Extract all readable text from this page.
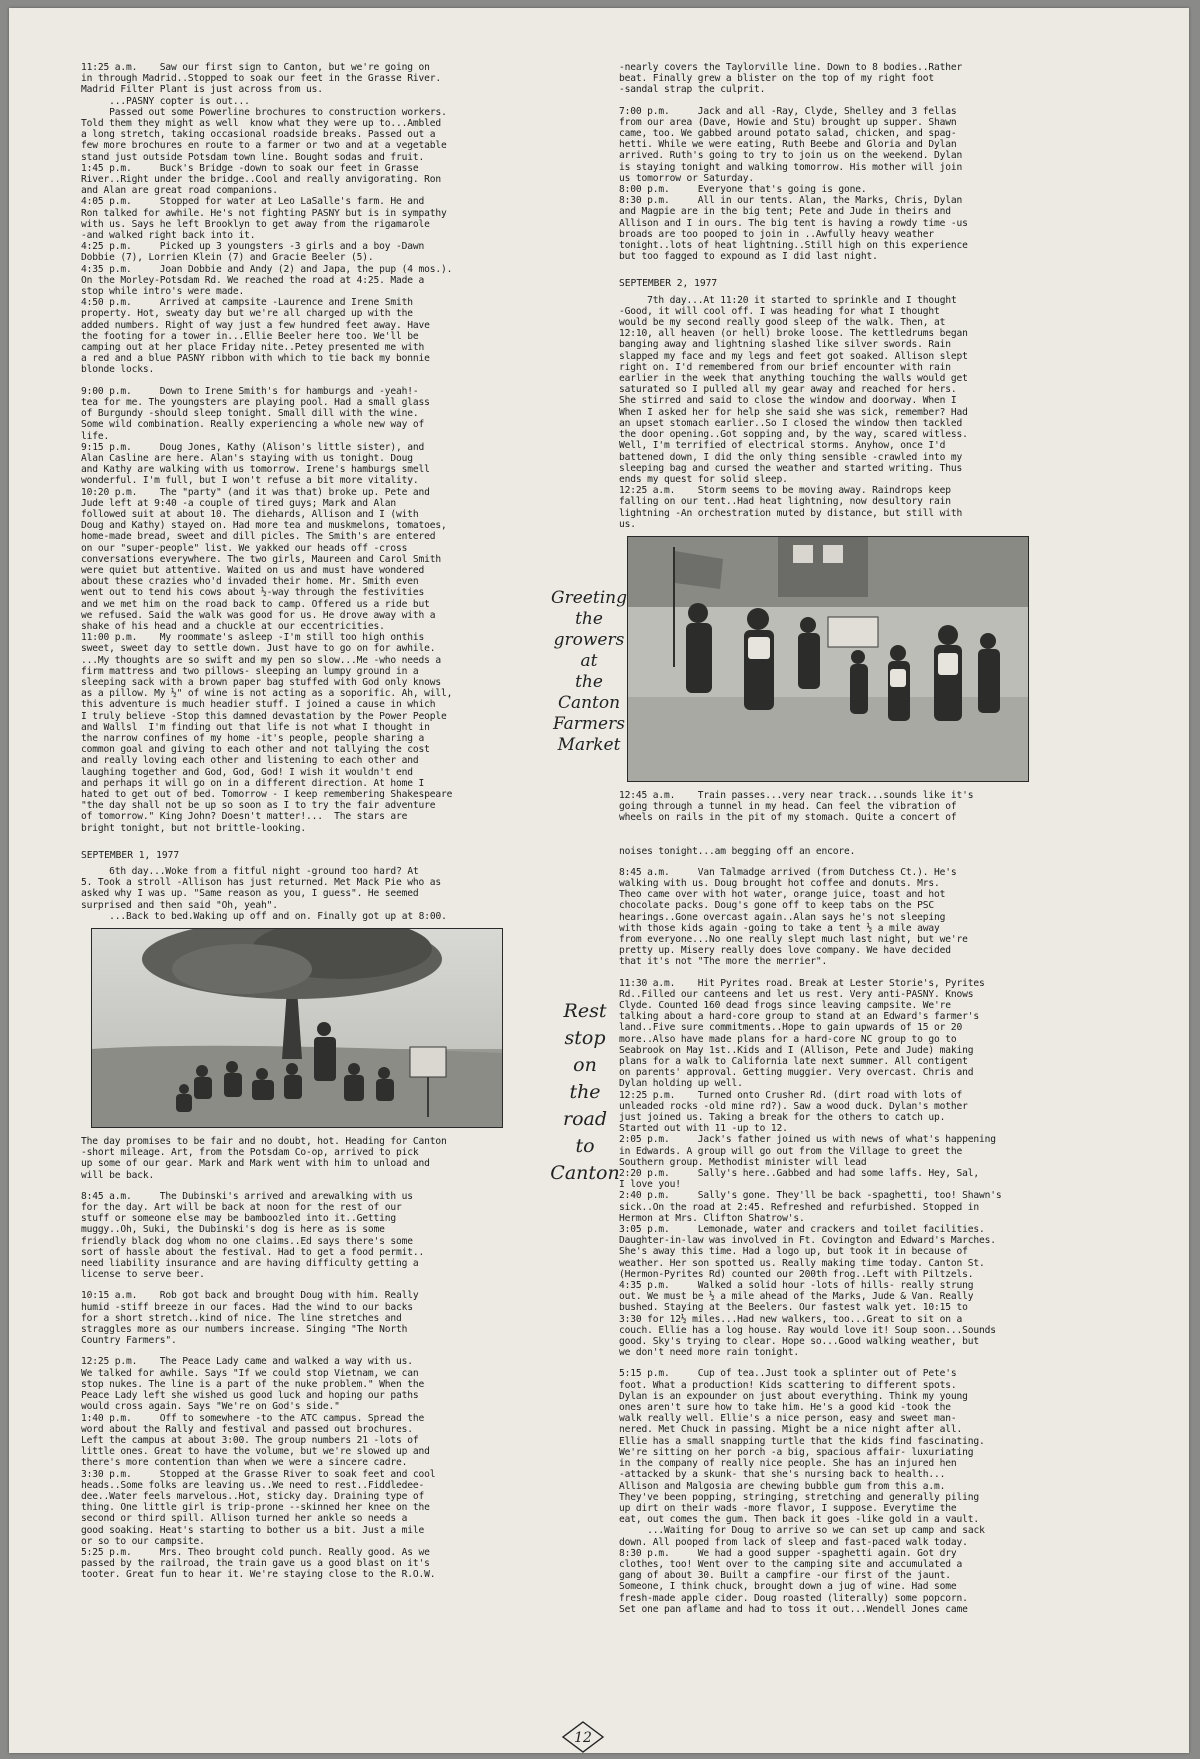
11:25 a.m.    Saw our first sign to Canton, but we're going on
in through Madrid..Stopped to soak our feet in the Grasse River.
Madrid Filter Plant is just across from us.
...PASNY copter is out...
Passed out some Powerline brochures to construction workers.
Told them they might as well  know what they were up to...Ambled
a long stretch, taking occasional roadside breaks. Passed out a
few more brochures en route to a farmer or two and at a vegetable
stand just outside Potsdam town line. Bought sodas and fruit.
1:45 p.m.     Buck's Bridge -down to soak our feet in Grasse
River..Right under the bridge..Cool and really anvigorating. Ron
and Alan are great road companions.
4:05 p.m.     Stopped for water at Leo LaSalle's farm. He and
Ron talked for awhile. He's not fighting PASNY but is in sympathy
with us. Says he left Brooklyn to get away from the rigamarole
-and walked right back into it.
4:25 p.m.     Picked up 3 youngsters -3 girls and a boy -Dawn
Dobbie (7), Lorrien Klein (7) and Gracie Beeler (5).
4:35 p.m.     Joan Dobbie and Andy (2) and Japa, the pup (4 mos.).
On the Morley-Potsdam Rd. We reached the road at 4:25. Made a
stop while intro's were made.
4:50 p.m.     Arrived at campsite -Laurence and Irene Smith
property. Hot, sweaty day but we're all charged up with the
added numbers. Right of way just a few hundred feet away. Have
the footing for a tower in...Ellie Beeler here too. We'll be
camping out at her place Friday nite..Petey presented me with
a red and a blue PASNY ribbon with which to tie back my bonnie
blonde locks.

9:00 p.m.     Down to Irene Smith's for hamburgs and -yeah!-
tea for me. The youngsters are playing pool. Had a small glass
of Burgundy -should sleep tonight. Small dill with the wine.
Some wild combination. Really experiencing a whole new way of
life.
9:15 p.m.     Doug Jones, Kathy (Alison's little sister), and
Alan Casline are here. Alan's staying with us tonight. Doug
and Kathy are walking with us tomorrow. Irene's hamburgs smell
wonderful. I'm full, but I won't refuse a bit more vitality.
10:20 p.m.    The "party" (and it was that) broke up. Pete and
Jude left at 9:40 -a couple of tired guys; Mark and Alan
followed suit at about 10. The diehards, Allison and I (with
Doug and Kathy) stayed on. Had more tea and muskmelons, tomatoes,
home-made bread, sweet and dill picles. The Smith's are entered
on our "super-people" list. We yakked our heads off -cross
conversations everywhere. The two girls, Maureen and Carol Smith
were quiet but attentive. Waited on us and must have wondered
about these crazies who'd invaded their home. Mr. Smith even
went out to tend his cows about ½-way through the festivities
and we met him on the road back to camp. Offered us a ride but
we refused. Said the walk was good for us. He drove away with a
shake of his head and a chuckle at our eccentricities.
11:00 p.m.    My roommate's asleep -I'm still too high onthis
sweet, sweet day to settle down. Just have to go on for awhile.
...My thoughts are so swift and my pen so slow...Me -who needs a
firm mattress and two pillows- sleeping an lumpy ground in a
sleeping sack with a brown paper bag stuffed with God only knows
as a pillow. My ½" of wine is not acting as a soporific. Ah, will,
this adventure is much headier stuff. I joined a cause in which
I truly believe -Stop this damned devastation by the Power People
and Wallsl  I'm finding out that life is not what I thought in
the narrow confines of my home -it's people, people sharing a
common goal and giving to each other and not tallying the cost
and really loving each other and listening to each other and
laughing together and God, God, God! I wish it wouldn't end
and perhaps it will go on in a different direction. At home I
hated to get out of bed. Tomorrow - I keep remembering Shakespeare
"the day shall not be up so soon as I to try the fair adventure
of tomorrow." King John? Doesn't matter!...  The stars are
bright tonight, but not brittle-looking.

SEPTEMBER 1, 1977

6th day...Woke from a fitful night -ground too hard? At
5. Took a stroll -Allison has just returned. Met Mack Pie who as
asked why I was up. "Same reason as you, I guess". He seemed
surprised and then said "Oh, yeah".
...Back to bed.Waking up off and on. Finally got up at 8:00.

The day promises to be fair and no doubt, hot. Heading for Canton
-short mileage. Art, from the Potsdam Co-op, arrived to pick
up some of our gear. Mark and Mark went with him to unload and
will be back.

8:45 a.m.     The Dubinski's arrived and arewalking with us
for the day. Art will be back at noon for the rest of our
stuff or someone else may be bamboozled into it..Getting
muggy..Oh, Suki, the Dubinski's dog is here as is some
friendly black dog whom no one claims..Ed says there's some
sort of hassle about the festival. Had to get a food permit..
need liability insurance and are having difficulty getting a
license to serve beer.

10:15 a.m.    Rob got back and brought Doug with him. Really
humid -stiff breeze in our faces. Had the wind to our backs
for a short stretch..kind of nice. The line stretches and
straggles more as our numbers increase. Singing "The North
Country Farmers".

12:25 p.m.    The Peace Lady came and walked a way with us.
We talked for awhile. Says "If we could stop Vietnam, we can
stop nukes. The line is a part of the nuke problem." When the
Peace Lady left she wished us good luck and hoping our paths
would cross again. Says "We're on God's side."
1:40 p.m.     Off to somewhere -to the ATC campus. Spread the
word about the Rally and festival and passed out brochures.
Left the campus at about 3:00. The group numbers 21 -lots of
little ones. Great to have the volume, but we're slowed up and
there's more contention than when we were a sincere cadre.
3:30 p.m.     Stopped at the Grasse River to soak feet and cool
heads..Some folks are leaving us..We need to rest..Fiddledee-
dee..Water feels marvelous..Hot, sticky day. Draining type of
thing. One little girl is trip-prone --skinned her knee on the
second or third spill. Allison turned her ankle so needs a
good soaking. Heat's starting to bother us a bit. Just a mile
or so to our campsite.
5:25 p.m.     Mrs. Theo brought cold punch. Really good. As we
passed by the railroad, the train gave us a good blast on it's
tooter. Great fun to hear it. We're staying close to the R.O.W.

-nearly covers the Taylorville line. Down to 8 bodies..Rather
beat. Finally grew a blister on the top of my right foot
-sandal strap the culprit.

7:00 p.m.     Jack and all -Ray, Clyde, Shelley and 3 fellas
from our area (Dave, Howie and Stu) brought up supper. Shawn
came, too. We gabbed around potato salad, chicken, and spag-
hetti. While we were eating, Ruth Beebe and Gloria and Dylan
arrived. Ruth's going to try to join us on the weekend. Dylan
is staying tonight and walking tomorrow. His mother will join
us tomorrow or Saturday.
8:00 p.m.     Everyone that's going is gone.
8:30 p.m.     All in our tents. Alan, the Marks, Chris, Dylan
and Magpie are in the big tent; Pete and Jude in theirs and
Allison and I in ours. The big tent is having a rowdy time -us
broads are too pooped to join in ..Awfully heavy weather
tonight..lots of heat lightning..Still high on this experience
but too fagged to expound as I did last night.

SEPTEMBER 2, 1977

7th day...At 11:20 it started to sprinkle and I thought
-Good, it will cool off. I was heading for what I thought
would be my second really good sleep of the walk. Then, at
12:10, all heaven (or hell) broke loose. The kettledrums began
banging away and lightning slashed like silver swords. Rain
slapped my face and my legs and feet got soaked. Allison slept
right on. I'd remembered from our brief encounter with rain
earlier in the week that anything touching the walls would get
saturated so I pulled all my gear away and reached for hers.
She stirred and said to close the window and doorway. When I
When I asked her for help she said she was sick, remember? Had
an upset stomach earlier..So I closed the window then tackled
the door opening..Got sopping and, by the way, scared witless.
Well, I'm terrified of electrical storms. Anyhow, once I'd
battened down, I did the only thing sensible -crawled into my
sleeping bag and cursed the weather and started writing. Thus
ends my quest for solid sleep.
12:25 a.m.    Storm seems to be moving away. Raindrops keep
falling on our tent..Had heat lightning, now desultory rain
lightning -An orchestration muted by distance, but still with
us.

12:45 a.m.    Train passes...very near track...sounds like it's
going through a tunnel in my head. Can feel the vibration of
wheels on rails in the pit of my stomach. Quite a concert of

noises tonight...am begging off an encore.

8:45 a.m.     Van Talmadge arrived (from Dutchess Ct.). He's
walking with us. Doug brought hot coffee and donuts. Mrs.
Theo came over with hot water, orange juice, toast and hot
chocolate packs. Doug's gone off to keep tabs on the PSC
hearings..Gone overcast again..Alan says he's not sleeping
with those kids again -going to take a tent ½ a mile away
from everyone...No one really slept much last night, but we're
pretty up. Misery really does love company. We have decided
that it's not "The more the merrier".

11:30 a.m.    Hit Pyrites road. Break at Lester Storie's, Pyrites
Rd..Filled our canteens and let us rest. Very anti-PASNY. Knows
Clyde. Counted 160 dead frogs since leaving campsite. We're
talking about a hard-core group to stand at an Edward's farmer's
land..Five sure commitments..Hope to gain upwards of 15 or 20
more..Also have made plans for a hard-core NC group to go to
Seabrook on May 1st..Kids and I (Allison, Pete and Jude) making
plans for a walk to California late next summer. All contigent
on parents' approval. Getting muggier. Very overcast. Chris and
Dylan holding up well.
12:25 p.m.    Turned onto Crusher Rd. (dirt road with lots of
unleaded rocks -old mine rd?). Saw a wood duck. Dylan's mother
just joined us. Taking a break for the others to catch up.
Started out with 11 -up to 12.
2:05 p.m.     Jack's father joined us with news of what's happening
in Edwards. A group will go out from the Village to greet the
Southern group. Methodist minister will lead
2:20 p.m.     Sally's here..Gabbed and had some laffs. Hey, Sal,
I love you!
2:40 p.m.     Sally's gone. They'll be back -spaghetti, too! Shawn's
sick..On the road at 2:45. Refreshed and refurbished. Stopped in
Hermon at Mrs. Clifton Shatrow's.
3:05 p.m.     Lemonade, water and crackers and toilet facilities.
Daughter-in-law was involved in Ft. Covington and Edward's Marches.
She's away this time. Had a logo up, but took it in because of
weather. Her son spotted us. Really making time today. Canton St.
(Hermon-Pyrites Rd) counted our 200th frog..Left with Piltzels.
4:35 p.m.     Walked a solid hour -lots of hills- really strung
out. We must be ½ a mile ahead of the Marks, Jude & Van. Really
bushed. Staying at the Beelers. Our fastest walk yet. 10:15 to
3:30 for 12½ miles...Had new walkers, too...Great to sit on a
couch. Ellie has a log house. Ray would love it! Soup soon...Sounds
good. Sky's trying to clear. Hope so...Good walking weather, but
we don't need more rain tonight.

5:15 p.m.     Cup of tea..Just took a splinter out of Pete's
foot. What a production! Kids scattering to different spots.
Dylan is an expounder on just about everything. Think my young
ones aren't sure how to take him. He's a good kid -took the
walk really well. Ellie's a nice person, easy and sweet man-
nered. Met Chuck in passing. Might be a nice night after all.
Ellie has a small snapping turtle that the kids find fascinating.
We're sitting on her porch -a big, spacious affair- luxuriating
in the company of really nice people. She has an injured hen
-attacked by a skunk- that she's nursing back to health...
Allison and Malgosia are chewing bubble gum from this a.m.
They've been popping, stringing, stretching and generally piling
up dirt on their wads -more flavor, I suppose. Everytime the
eat, out comes the gum. Then back it goes -like gold in a vault.
...Waiting for Doug to arrive so we can set up camp and sack
down. All pooped from lack of sleep and fast-paced walk today.
8:30 p.m.     We had a good supper -spaghetti again. Got dry
clothes, too! Went over to the camping site and accumulated a
gang of about 30. Built a campfire -our first of the jaunt.
Someone, I think chuck, brought down a jug of wine. Had some
fresh-made apple cider. Doug roasted (literally) some popcorn.
Set one pan aflame and had to toss it out...Wendell Jones came

Greeting
the
growers
at
the
Canton
Farmers
Market
Rest
stop
on
the
road
to
Canton
12
